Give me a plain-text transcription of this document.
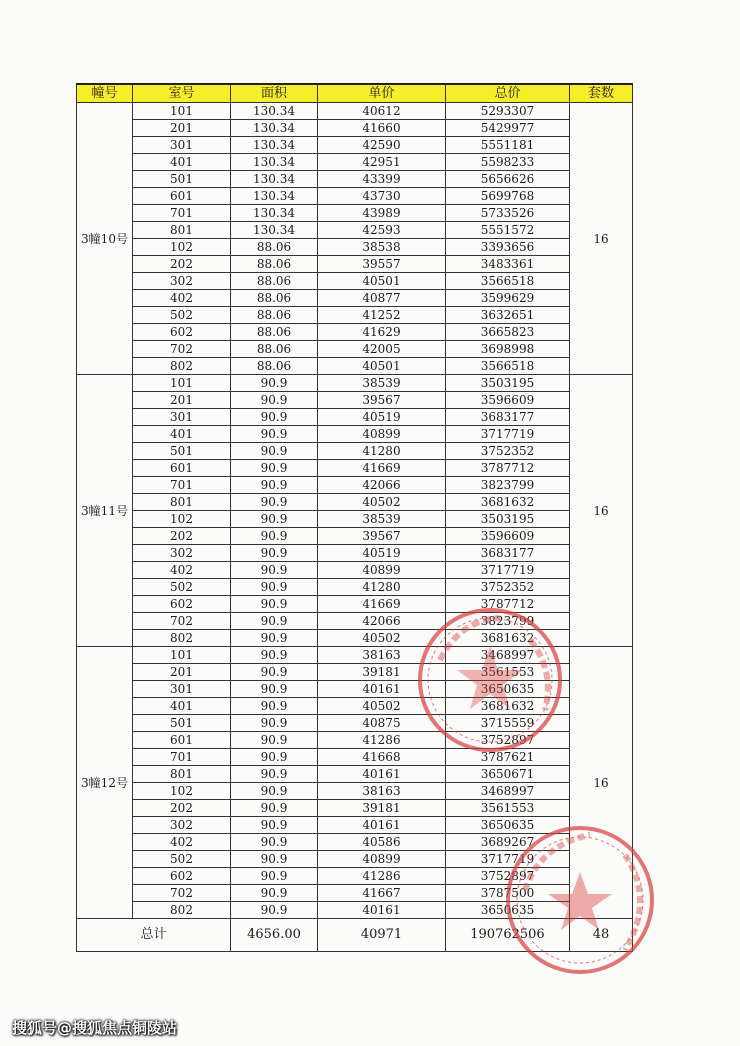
幢号	室号	面积	单价	总价	套数
3幢10号	101	130.34	40612	5293307	16
	201	130.34	41660	5429977	
	301	130.34	42590	5551181	
	401	130.34	42951	5598233	
	501	130.34	43399	5656626	
	601	130.34	43730	5699768	
	701	130.34	43989	5733526	
	801	130.34	42593	5551572	
	102	88.06	38538	3393656	
	202	88.06	39557	3483361	
	302	88.06	40501	3566518	
	402	88.06	40877	3599629	
	502	88.06	41252	3632651	
	602	88.06	41629	3665823	
	702	88.06	42005	3698998	
	802	88.06	40501	3566518	
3幢11号	101	90.9	38539	3503195	16
	201	90.9	39567	3596609	
	301	90.9	40519	3683177	
	401	90.9	40899	3717719	
	501	90.9	41280	3752352	
	601	90.9	41669	3787712	
	701	90.9	42066	3823799	
	801	90.9	40502	3681632	
	102	90.9	38539	3503195	
	202	90.9	39567	3596609	
	302	90.9	40519	3683177	
	402	90.9	40899	3717719	
	502	90.9	41280	3752352	
	602	90.9	41669	3787712	
	702	90.9	42066	3823799	
	802	90.9	40502	3681632	
3幢12号	101	90.9	38163	3468997	16
	201	90.9	39181	3561553	
	301	90.9	40161	3650635	
	401	90.9	40502	3681632	
	501	90.9	40875	3715559	
	601	90.9	41286	3752897	
	701	90.9	41668	3787621	
	801	90.9	40161	3650671	
	102	90.9	38163	3468997	
	202	90.9	39181	3561553	
	302	90.9	40161	3650635	
	402	90.9	40586	3689267	
	502	90.9	40899	3717719	
	602	90.9	41286	3752897	
	702	90.9	41667	3787500	
	802	90.9	40161	3650635	
总计		4656.00	40971	190762506	48
搜狐号@搜狐焦点铜陵站
